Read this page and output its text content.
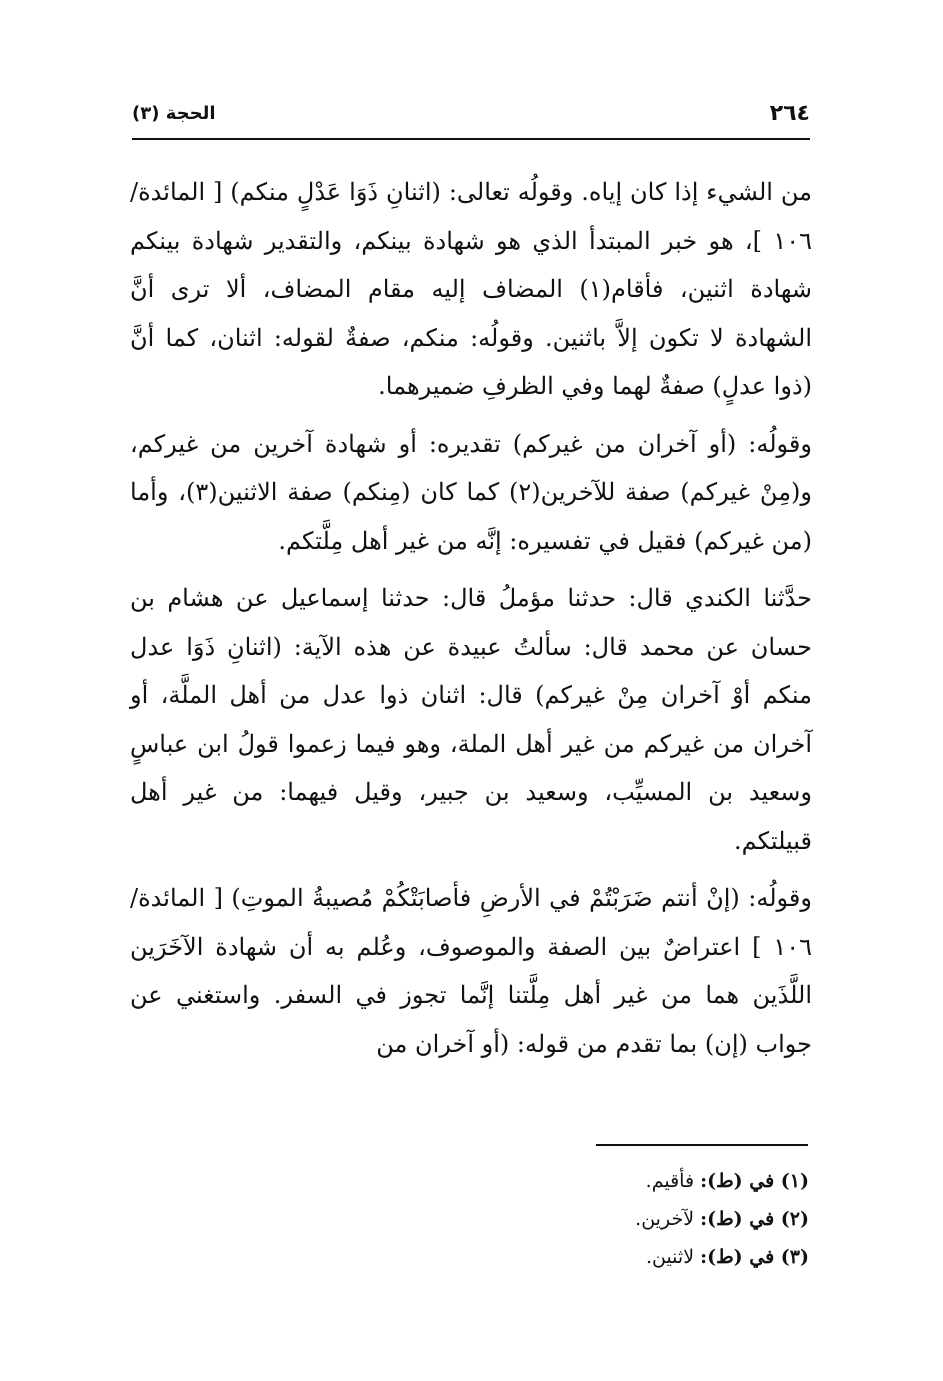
٢٦٤
الحجة (٣)

من الشيء إذا كان إياه. وقولُه تعالى: (اثنانِ ذَوَا عَدْلٍ منكم) [ المائدة/١٠٦ ]، هو خبر المبتدأ الذي هو شهادة بينكم، والتقدير شهادة بينكم شهادة اثنين، فأقام(١) المضاف إليه مقام المضاف، ألا ترى أنَّ الشهادة لا تكون إلاَّ باثنين. وقولُه: منكم، صفةٌ لقوله: اثنان، كما أنَّ (ذوا عدلٍ) صفةٌ لهما وفي الظرفِ ضميرهما.

وقولُه: (أو آخران من غيركم) تقديره: أو شهادة آخرين من غيركم، و(مِنْ غيركم) صفة للآخرين(٢) كما كان (مِنكم) صفة الاثنين(٣)، وأما (من غيركم) فقيل في تفسيره: إنَّه من غير أهل مِلَّتكم.

حدَّثنا الكندي قال: حدثنا مؤملُ قال: حدثنا إسماعيل عن هشام بن حسان عن محمد قال: سألتُ عبيدة عن هذه الآية: (اثنانِ ذَوَا عدل منكم أوْ آخران مِنْ غيركم) قال: اثنان ذوا عدل من أهل الملَّة، أو آخران من غيركم من غير أهل الملة، وهو فيما زعموا قولُ ابن عباسٍ وسعيد بن المسيِّب، وسعيد بن جبير، وقيل فيهما: من غير أهل قبيلتكم.

وقولُه: (إنْ أنتم ضَرَبْتُمْ في الأرضِ فأصابَتْكُمْ مُصيبةُ الموتِ) [ المائدة/١٠٦ ] اعتراضٌ بين الصفة والموصوف، وعُلم به أن شهادة الآخَرَين اللَّذَين هما من غير أهل مِلَّتنا إنَّما تجوز في السفر. واستغني عن جواب (إن) بما تقدم من قوله: (أو آخران من

(١) في (ط): فأقيم.
(٢) في (ط): لآخرين.
(٣) في (ط): لاثنين.
